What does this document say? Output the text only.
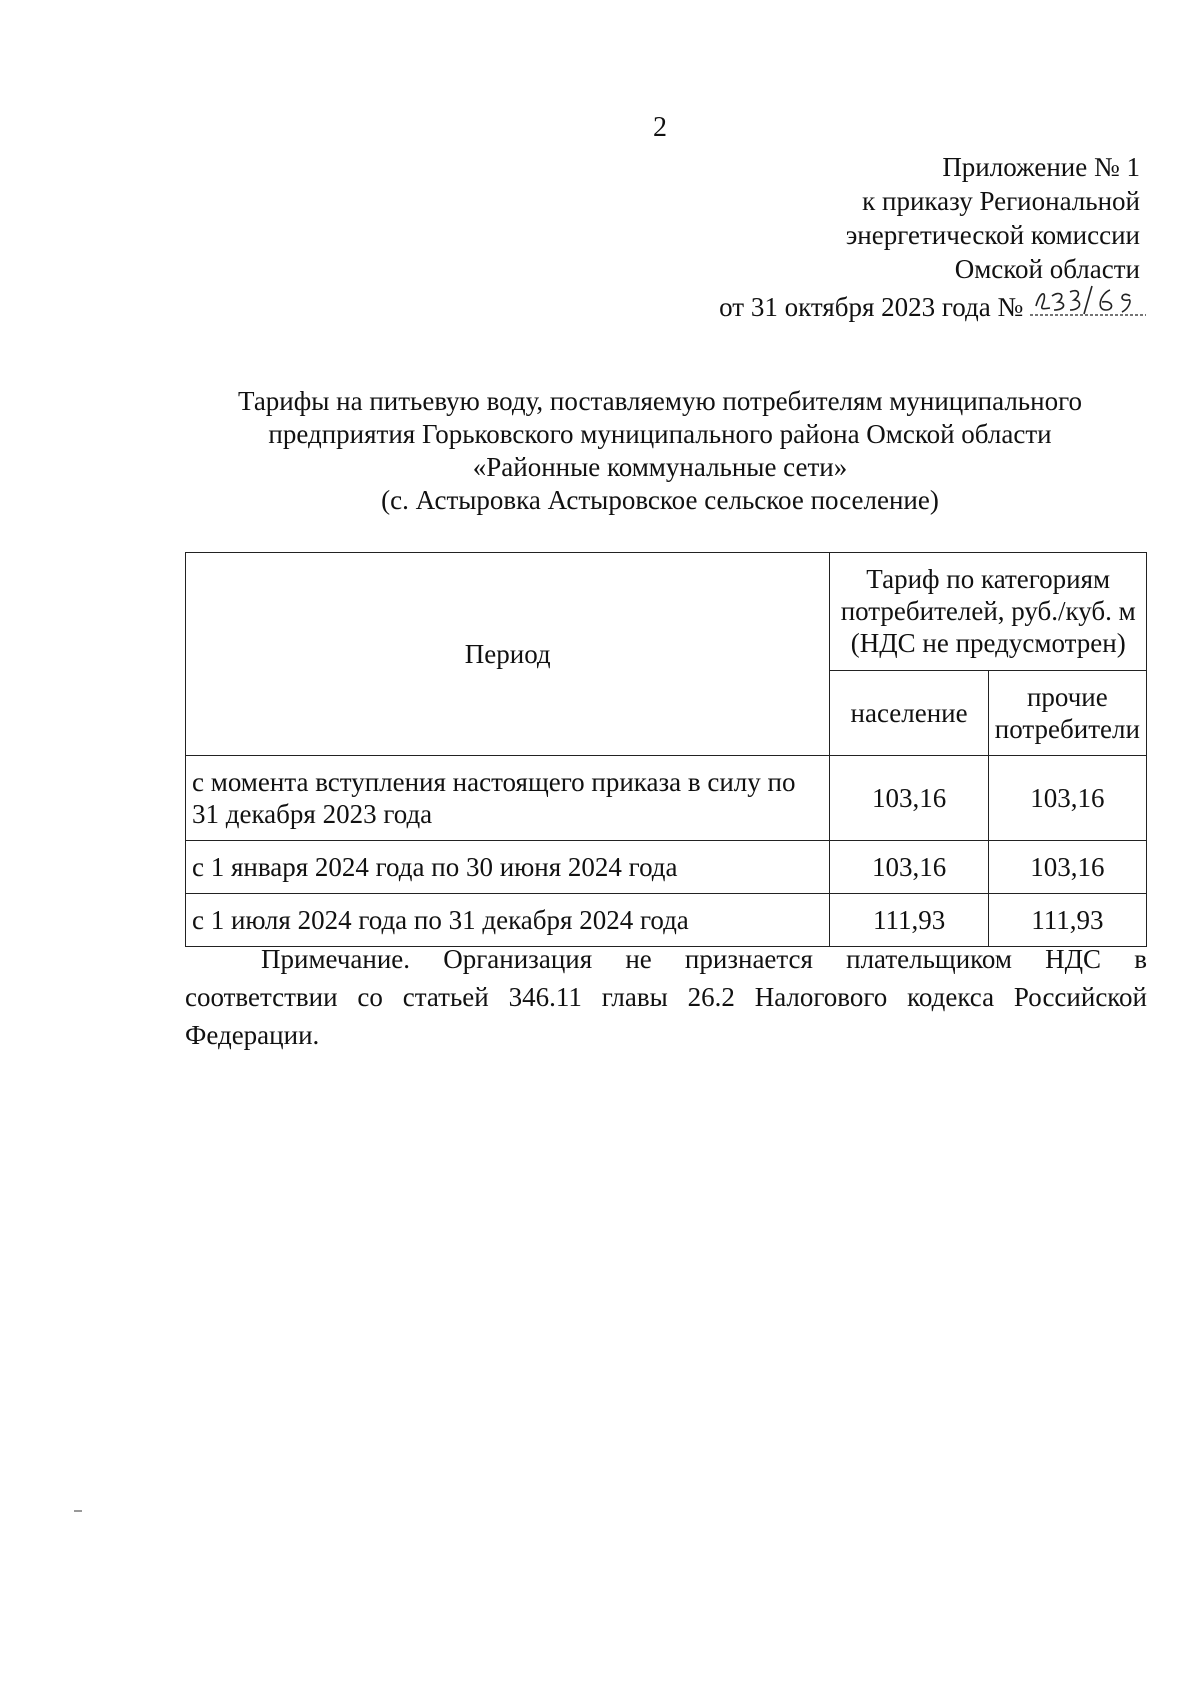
2
Приложение № 1
к приказу Региональной
энергетической комиссии
Омской области
от 31 октября 2023 года №
Тарифы на питьевую воду, поставляемую потребителям муниципального
предприятия Горьковского муниципального района Омской области
«Районные коммунальные сети»
(с. Астыровка Астыровское сельское поселение)
Период	Тариф по категориям потребителей, руб./куб. м (НДС не предусмотрен)	
	население	прочие потребители
с момента вступления настоящего приказа в силу по 31 декабря 2023 года	103,16	103,16
с 1 января 2024 года по 30 июня 2024 года	103,16	103,16
с 1 июля 2024 года по 31 декабря 2024 года	111,93	111,93

Примечание. Организация не признается плательщиком НДС в соответствии со статьей 346.11 главы 26.2 Налогового кодекса Российской Федерации.
